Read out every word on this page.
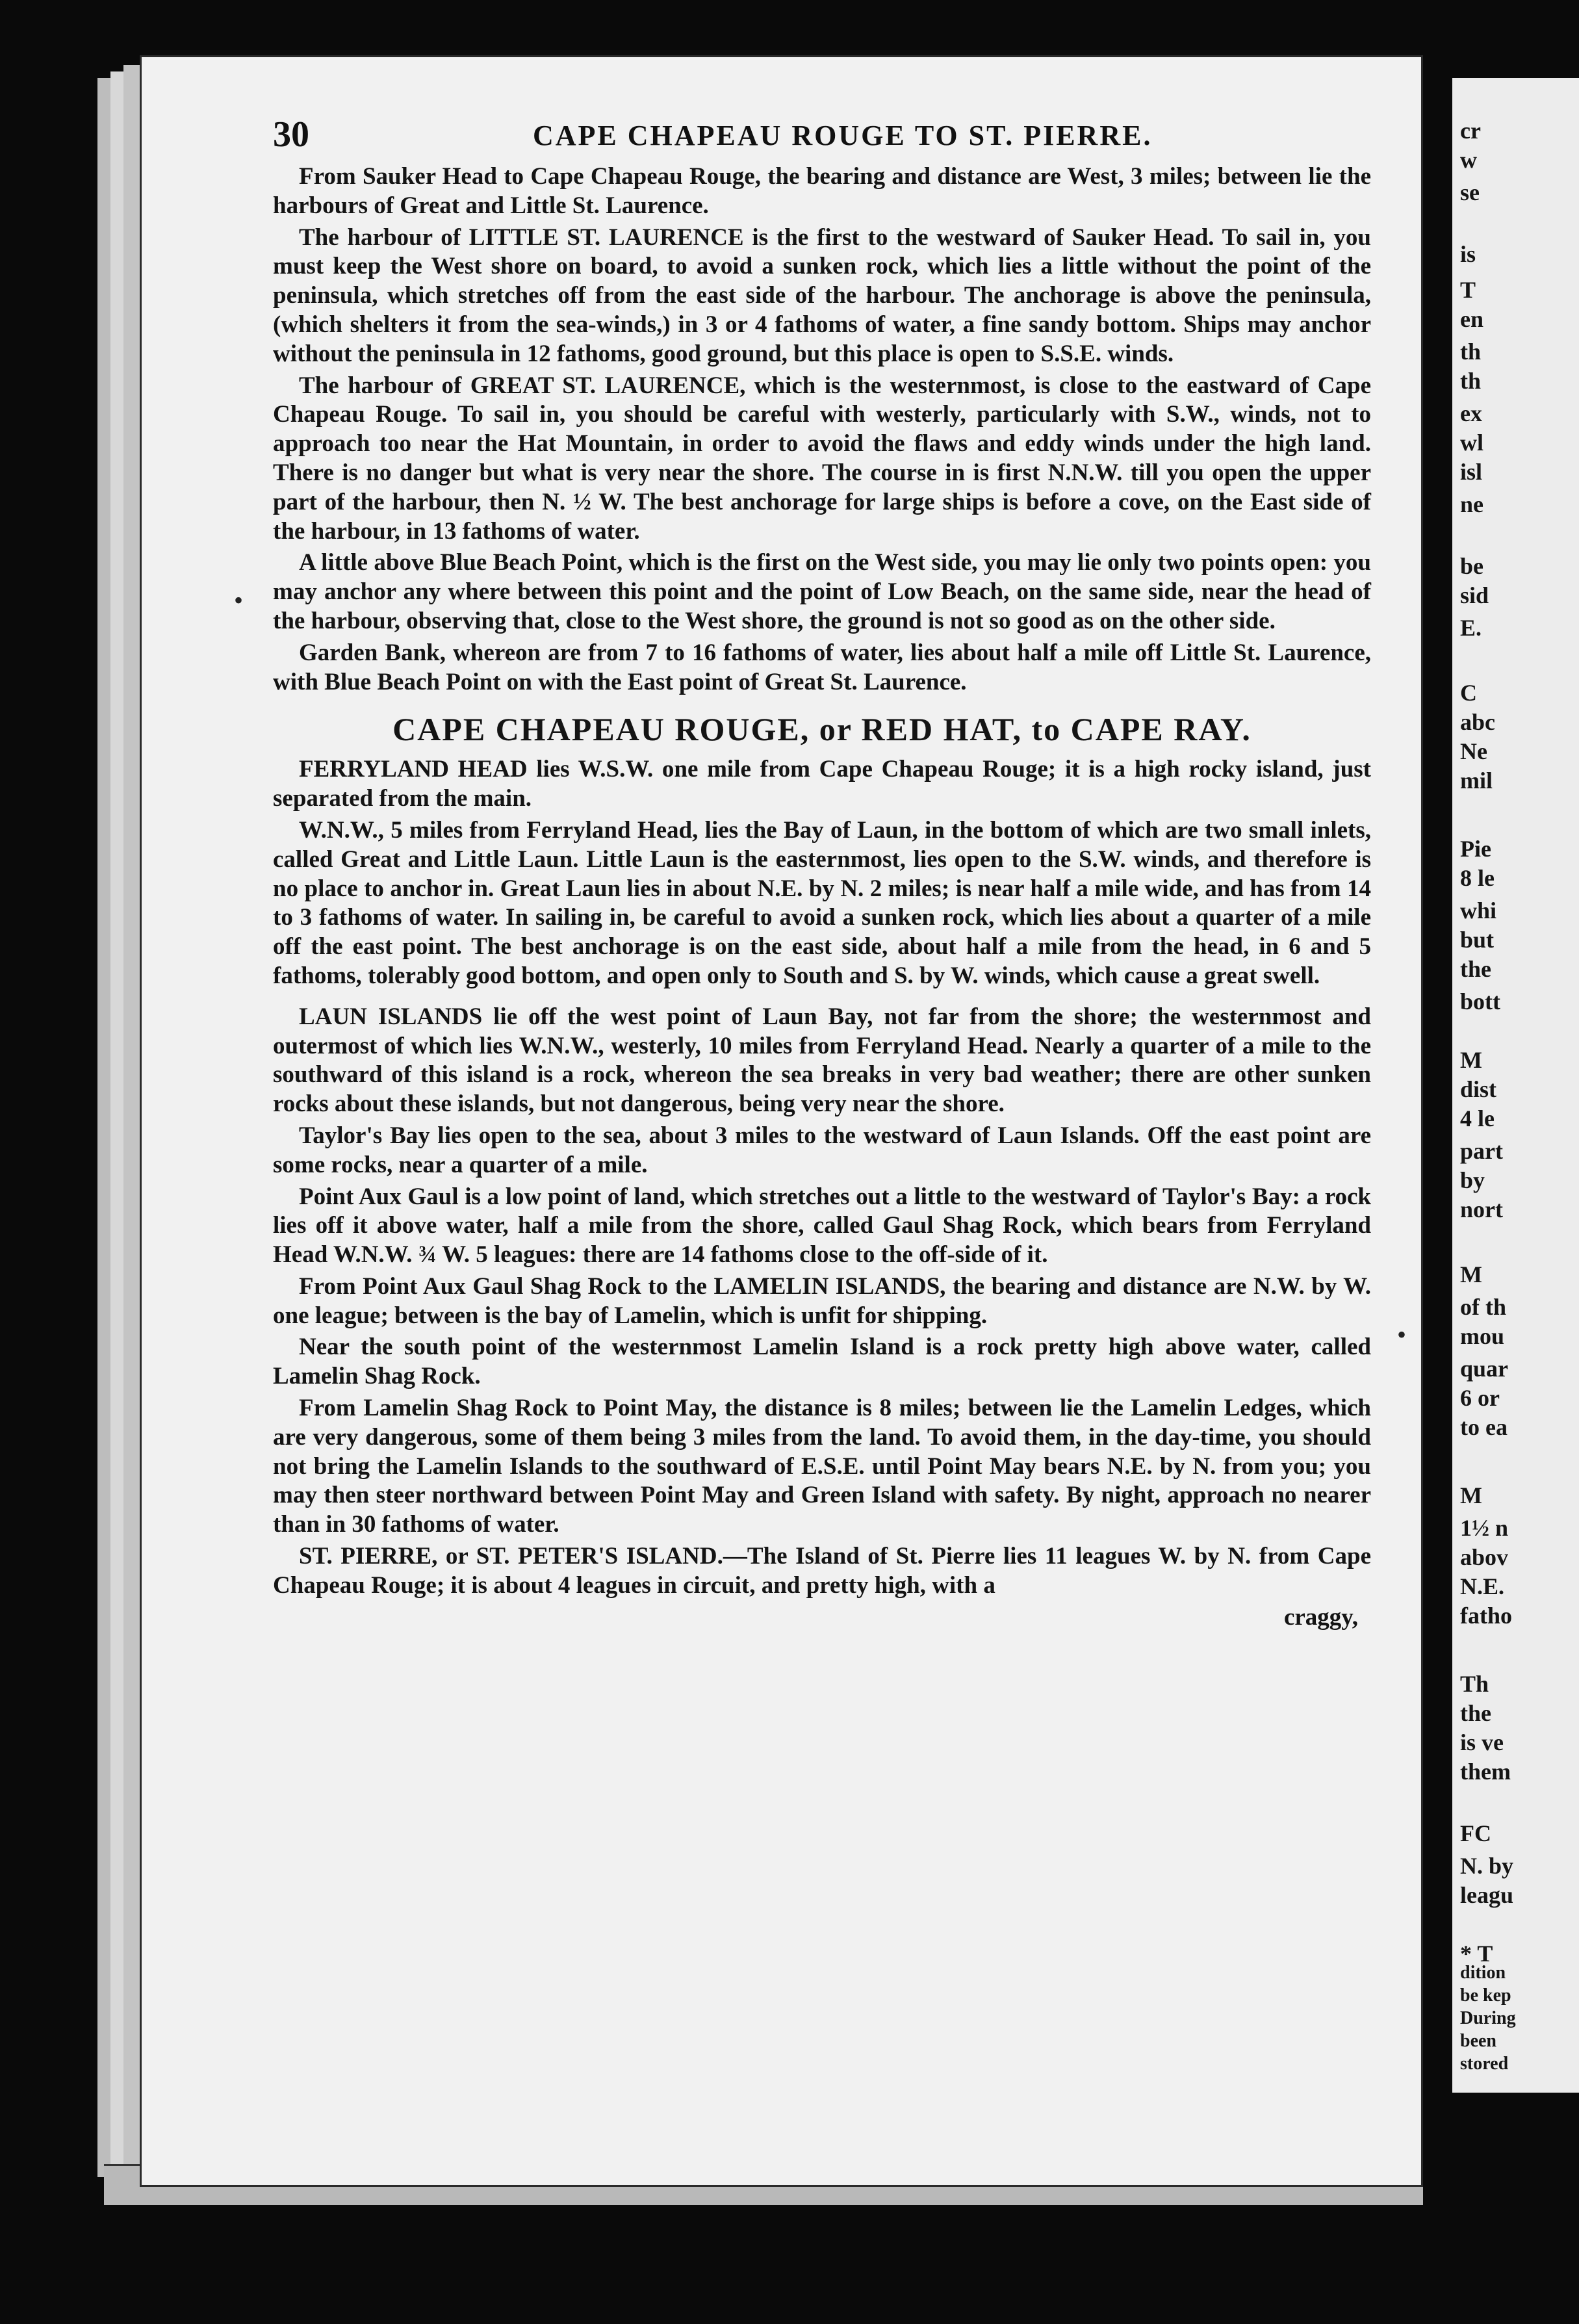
30	CAPE CHAPEAU ROUGE TO ST. PIERRE.
•
•

From Sauker Head to Cape Chapeau Rouge, the bearing and distance are West, 3 miles; between lie the harbours of Great and Little St. Laurence.

The harbour of LITTLE ST. LAURENCE is the first to the westward of Sauker Head. To sail in, you must keep the West shore on board, to avoid a sunken rock, which lies a little without the point of the peninsula, which stretches off from the east side of the harbour. The anchorage is above the peninsula, (which shelters it from the sea-winds,) in 3 or 4 fathoms of water, a fine sandy bottom. Ships may anchor without the peninsula in 12 fathoms, good ground, but this place is open to S.S.E. winds.

The harbour of GREAT ST. LAURENCE, which is the westernmost, is close to the eastward of Cape Chapeau Rouge. To sail in, you should be careful with westerly, particularly with S.W., winds, not to approach too near the Hat Mountain, in order to avoid the flaws and eddy winds under the high land. There is no danger but what is very near the shore. The course in is first N.N.W. till you open the upper part of the harbour, then N. ½ W. The best anchorage for large ships is before a cove, on the East side of the harbour, in 13 fathoms of water.

A little above Blue Beach Point, which is the first on the West side, you may lie only two points open: you may anchor any where between this point and the point of Low Beach, on the same side, near the head of the harbour, observing that, close to the West shore, the ground is not so good as on the other side.

Garden Bank, whereon are from 7 to 16 fathoms of water, lies about half a mile off Little St. Laurence, with Blue Beach Point on with the East point of Great St. Laurence.

CAPE CHAPEAU ROUGE, or RED HAT, to CAPE RAY.

FERRYLAND HEAD lies W.S.W. one mile from Cape Chapeau Rouge; it is a high rocky island, just separated from the main.

W.N.W., 5 miles from Ferryland Head, lies the Bay of Laun, in the bottom of which are two small inlets, called Great and Little Laun. Little Laun is the easternmost, lies open to the S.W. winds, and therefore is no place to anchor in. Great Laun lies in about N.E. by N. 2 miles; is near half a mile wide, and has from 14 to 3 fathoms of water. In sailing in, be careful to avoid a sunken rock, which lies about a quarter of a mile off the east point. The best anchorage is on the east side, about half a mile from the head, in 6 and 5 fathoms, tolerably good bottom, and open only to South and S. by W. winds, which cause a great swell.

LAUN ISLANDS lie off the west point of Laun Bay, not far from the shore; the westernmost and outermost of which lies W.N.W., westerly, 10 miles from Ferryland Head. Nearly a quarter of a mile to the southward of this island is a rock, whereon the sea breaks in very bad weather; there are other sunken rocks about these islands, but not dangerous, being very near the shore.

Taylor's Bay lies open to the sea, about 3 miles to the westward of Laun Islands. Off the east point are some rocks, near a quarter of a mile.

Point Aux Gaul is a low point of land, which stretches out a little to the westward of Taylor's Bay: a rock lies off it above water, half a mile from the shore, called Gaul Shag Rock, which bears from Ferryland Head W.N.W. ¾ W. 5 leagues: there are 14 fathoms close to the off-side of it.

From Point Aux Gaul Shag Rock to the LAMELIN ISLANDS, the bearing and distance are N.W. by W. one league; between is the bay of Lamelin, which is unfit for shipping.

Near the south point of the westernmost Lamelin Island is a rock pretty high above water, called Lamelin Shag Rock.

From Lamelin Shag Rock to Point May, the distance is 8 miles; between lie the Lamelin Ledges, which are very dangerous, some of them being 3 miles from the land. To avoid them, in the day-time, you should not bring the Lamelin Islands to the southward of E.S.E. until Point May bears N.E. by N. from you; you may then steer northward between Point May and Green Island with safety. By night, approach no nearer than in 30 fathoms of water.

ST. PIERRE, or ST. PETER'S ISLAND.—The Island of St. Pierre lies 11 leagues W. by N. from Cape Chapeau Rouge; it is about 4 leagues in circuit, and pretty high, with a

craggy,

cr
w
se
is
T
en
th
th
ex
wl
isl
ne
be
sid
E.
C
abc
Ne
mil
Pie
8 le
whi
but
the
bott
M
dist
4 le
part
by
nort
M
of th
mou
quar
6 or
to ea
M
1½ n
abov
N.E.
fatho
Th
the
is ve
them
FC
N. by
leagu
* T
dition
be kep
During
been
stored
